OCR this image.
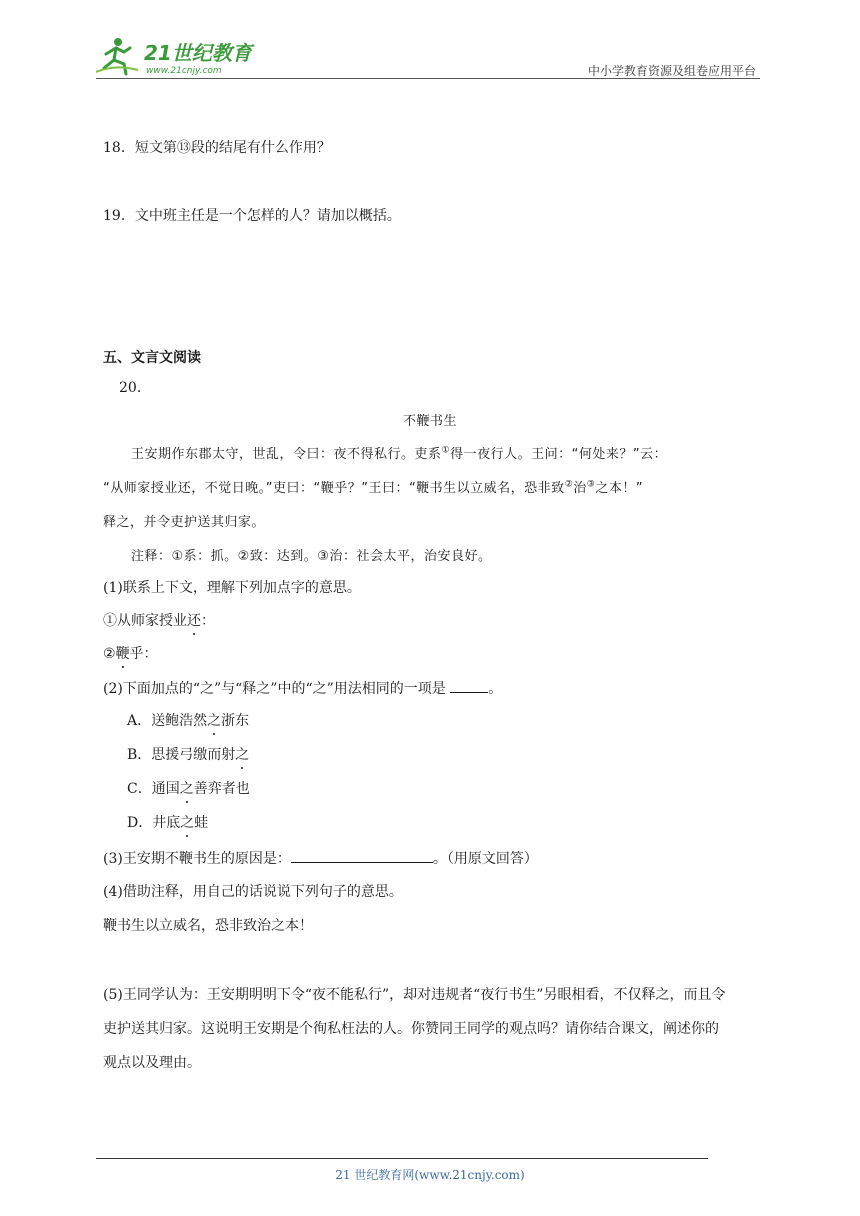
21世纪教育
www.21cnjy.com	中小学教育资源及组卷应用平台
18．短文第⑬段的结尾有什么作用？
19．文中班主任是一个怎样的人？请加以概括。
五、文言文阅读
20．
不鞭书生
王安期作东郡太守，世乱，令曰：夜不得私行。吏系①得一夜行人。王问：“何处来？”云：
“从师家授业还，不觉日晚。”吏曰：“鞭乎？”王曰：“鞭书生以立威名，恐非致②治③之本！”
释之，并令吏护送其归家。
注释：①系：抓。②致：达到。③治：社会太平，治安良好。
(1)联系上下文，理解下列加点字的意思。
①从师家授业还：
②鞭乎：
(2)下面加点的“之”与“释之”中的“之”用法相同的一项是	。
A．送鲍浩然之浙东
B．思援弓缴而射之
C．通国之善弈者也
D．井底之蛙
(3)王安期不鞭书生的原因是：	。（用原文回答）
(4)借助注释，用自己的话说说下列句子的意思。
鞭书生以立威名，恐非致治之本！
(5)王同学认为：王安期明明下令“夜不能私行”，却对违规者“夜行书生”另眼相看，不仅释之，而且令
吏护送其归家。这说明王安期是个徇私枉法的人。你赞同王同学的观点吗？请你结合课文，阐述你的
观点以及理由。
21 世纪教育网(www.21cnjy.com)
